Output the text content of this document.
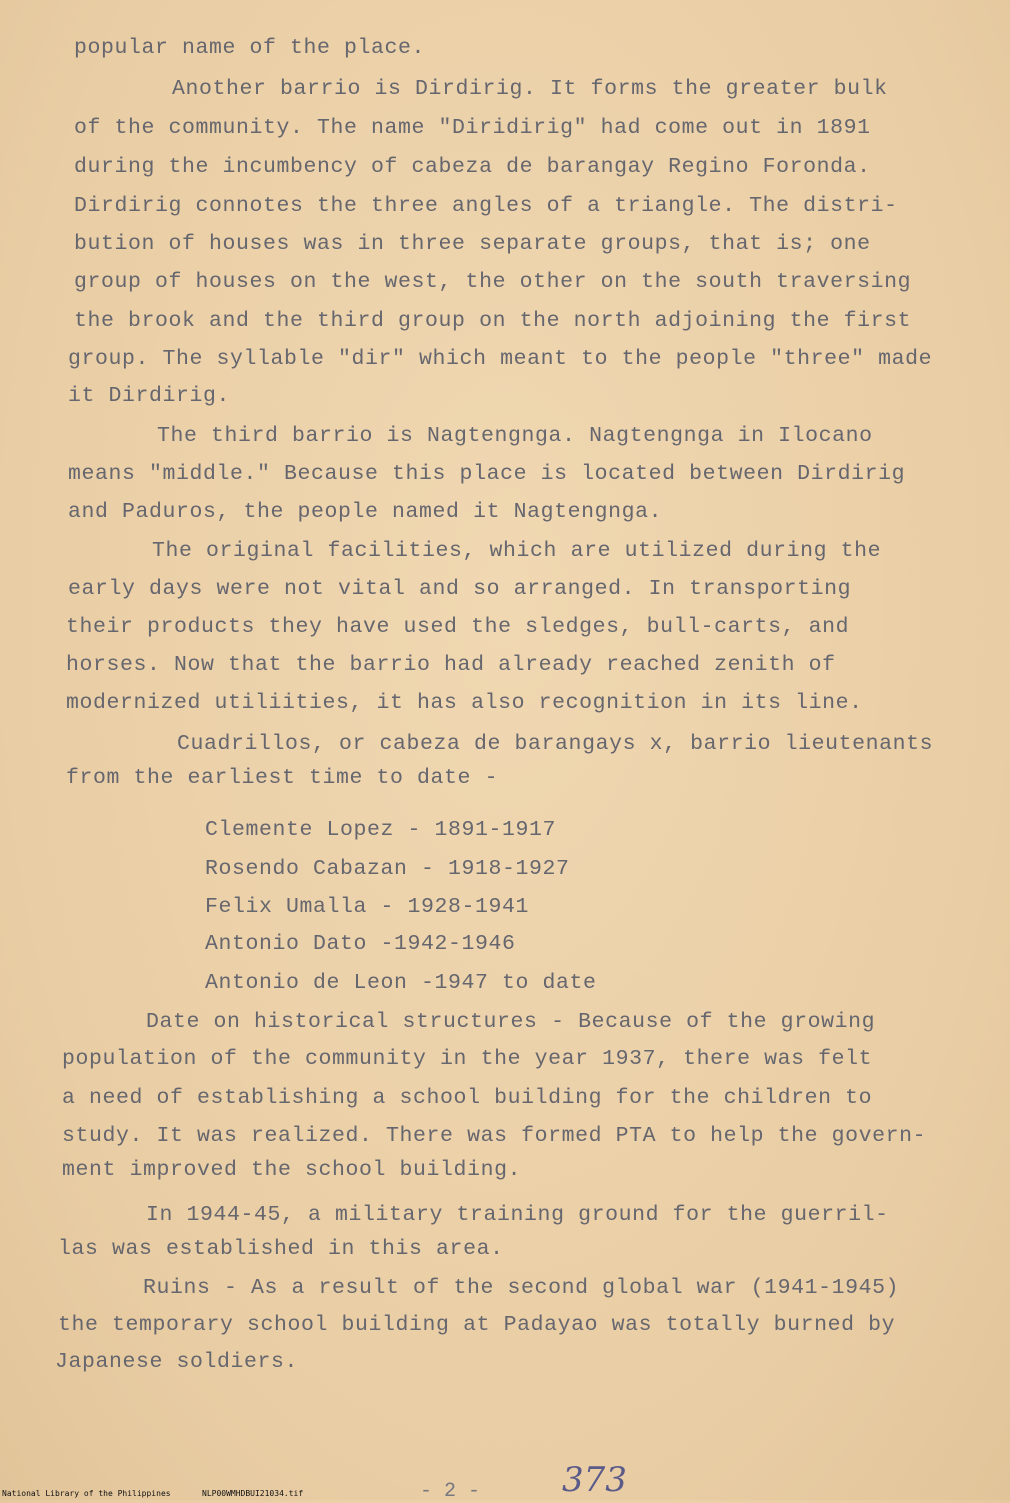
popular name of the place.
Another barrio is Dirdirig. It forms the greater bulk
of the community. The name "Diridirig" had come out in 1891
during the incumbency of cabeza de barangay Regino Foronda.
Dirdirig connotes the three angles of a triangle. The distri-
bution of houses was in three separate groups, that is; one
group of houses on the west, the other on the south traversing
the brook and the third group on the north adjoining the first
group. The syllable "dir" which meant to the people "three" made
it Dirdirig.
The third barrio is Nagtengnga. Nagtengnga in Ilocano
means "middle." Because this place is located between Dirdirig
and Paduros, the people named it Nagtengnga.
The original facilities, which are utilized during the
early days were not vital and so arranged. In transporting
their products they have used the sledges, bull-carts, and
horses. Now that the barrio had already reached zenith of
modernized utiliities, it has also recognition in its line.
Cuadrillos, or cabeza de barangays x, barrio lieutenants
from the earliest time to date -
Clemente Lopez - 1891-1917
Rosendo Cabazan - 1918-1927
Felix Umalla - 1928-1941
Antonio Dato -1942-1946
Antonio de Leon -1947 to date
Date on historical structures - Because of the growing
population of the community in the year 1937, there was felt
a need of establishing a school building for the children to
study. It was realized. There was formed PTA to help the govern-
ment improved the school building.
In 1944-45, a military training ground for the guerril-
las was established in this area.
Ruins - As a result of the second global war (1941-1945)
the temporary school building at Padayao was totally burned by
Japanese soldiers.
- 2 - 373
National Library of the Philippines	NLP00WMHDBUI21034.tif
